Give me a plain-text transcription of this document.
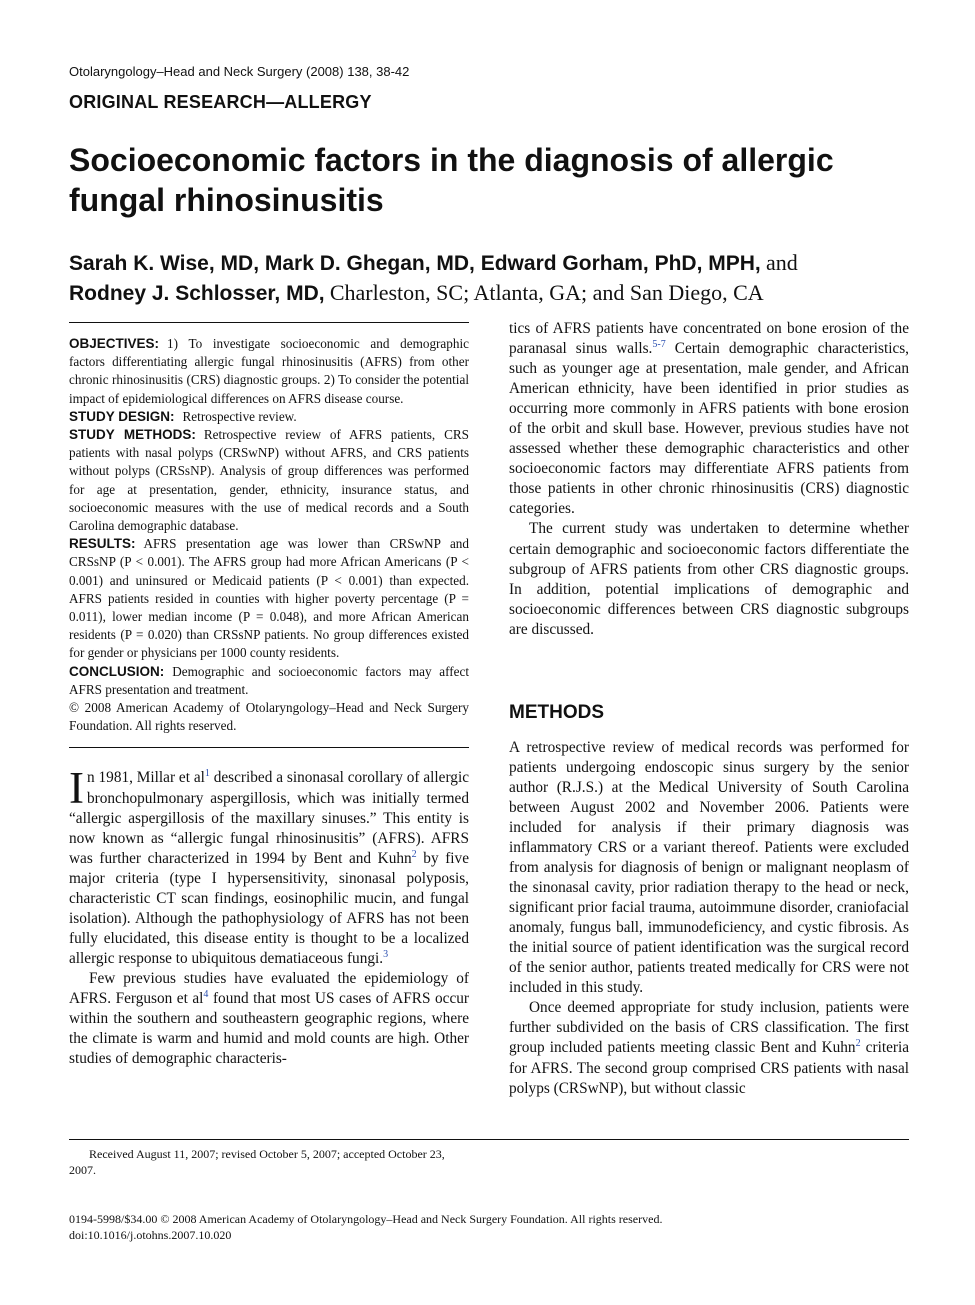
Otolaryngology–Head and Neck Surgery (2008) 138, 38-42
ORIGINAL RESEARCH—ALLERGY
Socioeconomic factors in the diagnosis of allergic fungal rhinosinusitis
Sarah K. Wise, MD, Mark D. Ghegan, MD, Edward Gorham, PhD, MPH, and
Rodney J. Schlosser, MD, Charleston, SC; Atlanta, GA; and San Diego, CA

OBJECTIVES: 1) To investigate socioeconomic and demographic factors differentiating allergic fungal rhinosinusitis (AFRS) from other chronic rhinosinusitis (CRS) diagnostic groups. 2) To consider the potential impact of epidemiological differences on AFRS disease course.

STUDY DESIGN: Retrospective review.

STUDY METHODS: Retrospective review of AFRS patients, CRS patients with nasal polyps (CRSwNP) without AFRS, and CRS patients without polyps (CRSsNP). Analysis of group differences was performed for age at presentation, gender, ethnicity, insurance status, and socioeconomic measures with the use of medical records and a South Carolina demographic database.

RESULTS: AFRS presentation age was lower than CRSwNP and CRSsNP (P < 0.001). The AFRS group had more African Americans (P < 0.001) and uninsured or Medicaid patients (P < 0.001) than expected. AFRS patients resided in counties with higher poverty percentage (P = 0.011), lower median income (P = 0.048), and more African American residents (P = 0.020) than CRSsNP patients. No group differences existed for gender or physicians per 1000 county residents.

CONCLUSION: Demographic and socioeconomic factors may affect AFRS presentation and treatment.

© 2008 American Academy of Otolaryngology–Head and Neck Surgery Foundation. All rights reserved.

In 1981, Millar et $al^1$ described a sinonasal corollary of allergic bronchopulmonary aspergillosis, which was initially termed “allergic aspergillosis of the maxillary sinuses.” This entity is now known as “allergic fungal rhinosinusitis” (AFRS). AFRS was further characterized in 1994 by Bent and Kuhn$^2$ by five major criteria (type I hypersensitivity, sinonasal polyposis, characteristic CT scan findings, eosinophilic mucin, and fungal isolation). Although the pathophysiology of AFRS has not been fully elucidated, this disease entity is thought to be a localized allergic response to ubiquitous dematiaceous fungi.$^3$

Few previous studies have evaluated the epidemiology of AFRS. Ferguson et $al^4$ found that most US cases of AFRS occur within the southern and southeastern geographic regions, where the climate is warm and humid and mold counts are high. Other studies of demographic characteris-

tics of AFRS patients have concentrated on bone erosion of the paranasal sinus walls.$^{5-7}$ Certain demographic characteristics, such as younger age at presentation, male gender, and African American ethnicity, have been identified in prior studies as occurring more commonly in AFRS patients with bone erosion of the orbit and skull base. However, previous studies have not assessed whether these demographic characteristics and other socioeconomic factors may differentiate AFRS patients from those patients in other chronic rhinosinusitis (CRS) diagnostic categories.

The current study was undertaken to determine whether certain demographic and socioeconomic factors differentiate the subgroup of AFRS patients from other CRS diagnostic groups. In addition, potential implications of demographic and socioeconomic differences between CRS diagnostic subgroups are discussed.

METHODS

A retrospective review of medical records was performed for patients undergoing endoscopic sinus surgery by the senior author (R.J.S.) at the Medical University of South Carolina between August 2002 and November 2006. Patients were included for analysis if their primary diagnosis was inflammatory CRS or a variant thereof. Patients were excluded from analysis for diagnosis of benign or malignant neoplasm of the sinonasal cavity, prior radiation therapy to the head or neck, significant prior facial trauma, autoimmune disorder, craniofacial anomaly, fungus ball, immunodeficiency, and cystic fibrosis. As the initial source of patient identification was the surgical record of the senior author, patients treated medically for CRS were not included in this study.

Once deemed appropriate for study inclusion, patients were further subdivided on the basis of CRS classification. The first group included patients meeting classic Bent and Kuhn$^2$ criteria for AFRS. The second group comprised CRS patients with nasal polyps (CRSwNP), but without classic

Received August 11, 2007; revised October 5, 2007; accepted October 23, 2007.
0194-5998/$34.00 © 2008 American Academy of Otolaryngology–Head and Neck Surgery Foundation. All rights reserved.
doi:10.1016/j.otohns.2007.10.020
